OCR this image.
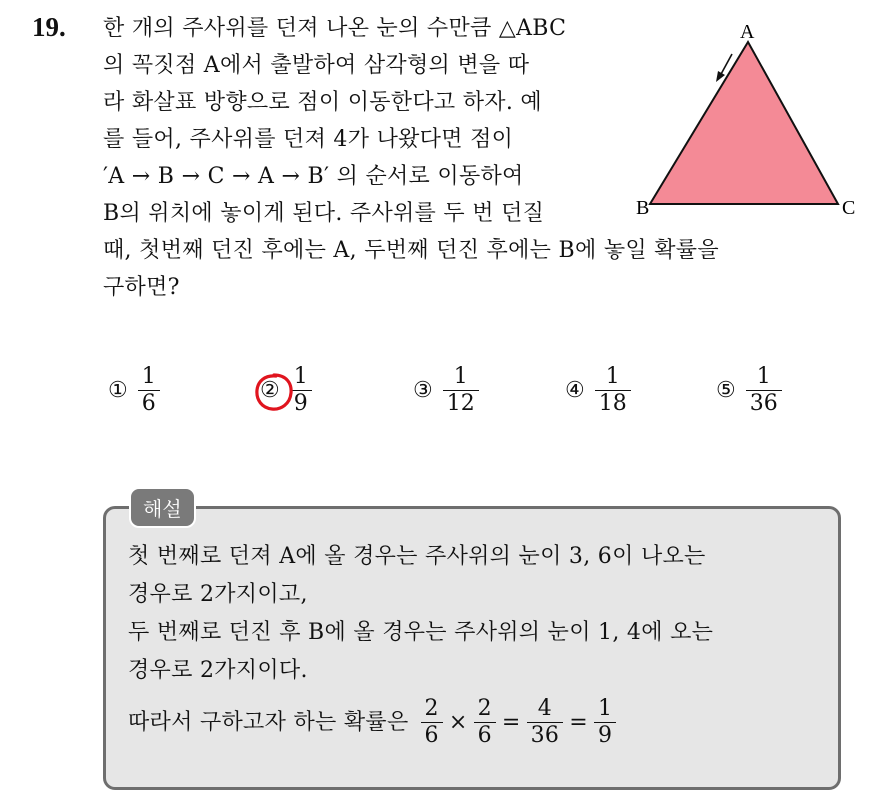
19. 한 개의 주사위를 던져 나온 눈의 수만큼 △ABC
의 꼭짓점 A에서 출발하여 삼각형의 변을 따
라 화살표 방향으로 점이 이동한다고 하자. 예
를 들어, 주사위를 던져 4가 나왔다면 점이
′A → B → C → A → B′ 의 순서로 이동하여
B의 위치에 놓이게 된다. 주사위를 두 번 던질
때, 첫번째 던진 후에는 A, 두번째 던진 후에는 B에 놓일 확률을
구하면?
A
B	C
① $\frac{1}{6}$	② $\frac{1}{9}$	③ $\frac{1}{12}$	④ $\frac{1}{18}$	⑤ $\frac{1}{36}$
해설
첫 번째로 던져 A에 올 경우는 주사위의 눈이 3, 6이 나오는
경우로 2가지이고,
두 번째로 던진 후 B에 올 경우는 주사위의 눈이 1, 4에 오는
경우로 2가지이다.
따라서 구하고자 하는 확률은 $\frac{2}{6} \times \frac{2}{6} = \frac{4}{36} = \frac{1}{9}$
